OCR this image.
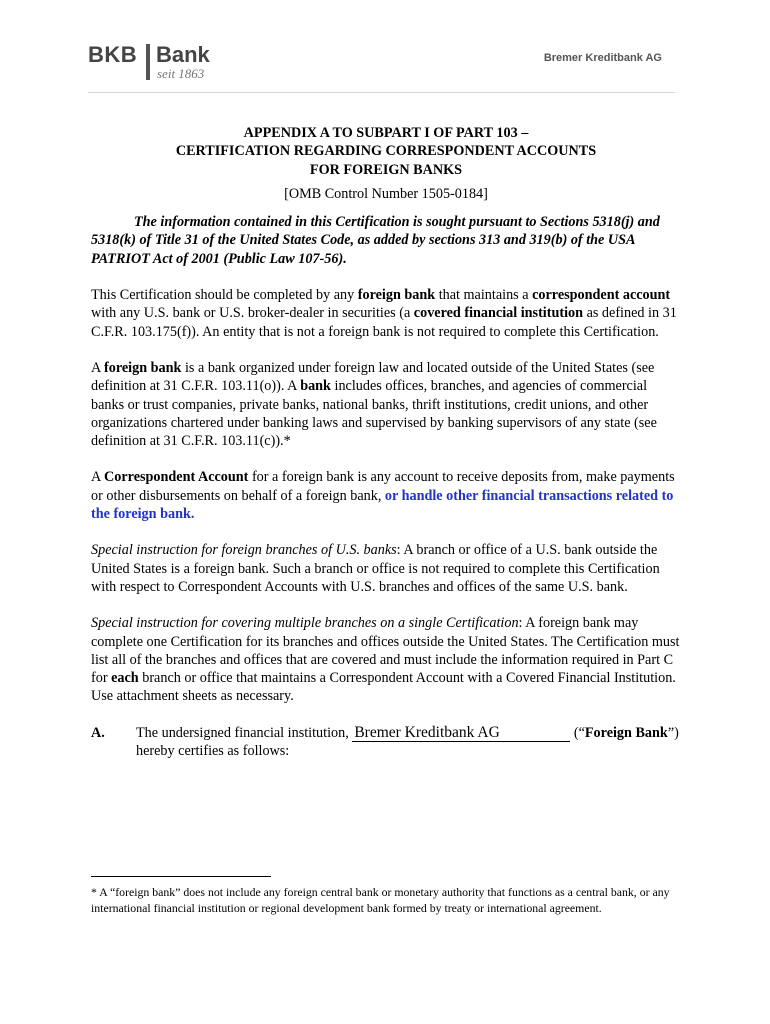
BKB Bank
seit 1863
Bremer Kreditbank AG
APPENDIX A TO SUBPART I OF PART 103 –
CERTIFICATION REGARDING CORRESPONDENT ACCOUNTS
FOR FOREIGN BANKS
[OMB Control Number 1505-0184]

The information contained in this Certification is sought pursuant to Sections 5318(j) and 5318(k) of Title 31 of the United States Code, as added by sections 313 and 319(b) of the USA PATRIOT Act of 2001 (Public Law 107-56).

This Certification should be completed by any foreign bank that maintains a correspondent account with any U.S. bank or U.S. broker-dealer in securities (a covered financial institution as defined in 31 C.F.R. 103.175(f)). An entity that is not a foreign bank is not required to complete this Certification.

A foreign bank is a bank organized under foreign law and located outside of the United States (see definition at 31 C.F.R. 103.11(o)). A bank includes offices, branches, and agencies of commercial banks or trust companies, private banks, national banks, thrift institutions, credit unions, and other organizations chartered under banking laws and supervised by banking supervisors of any state (see definition at 31 C.F.R. 103.11(c)).*

A Correspondent Account for a foreign bank is any account to receive deposits from, make payments or other disbursements on behalf of a foreign bank, or handle other financial transactions related to the foreign bank.

Special instruction for foreign branches of U.S. banks: A branch or office of a U.S. bank outside the United States is a foreign bank. Such a branch or office is not required to complete this Certification with respect to Correspondent Accounts with U.S. branches and offices of the same U.S. bank.

Special instruction for covering multiple branches on a single Certification: A foreign bank may complete one Certification for its branches and offices outside the United States. The Certification must list all of the branches and offices that are covered and must include the information required in Part C for each branch or office that maintains a Correspondent Account with a Covered Financial Institution. Use attachment sheets as necessary.

A. The undersigned financial institution, Bremer Kreditbank AG	(“Foreign Bank”) hereby certifies as follows:
* A “foreign bank” does not include any foreign central bank or monetary authority that functions as a central bank, or any international financial institution or regional development bank formed by treaty or international agreement.
